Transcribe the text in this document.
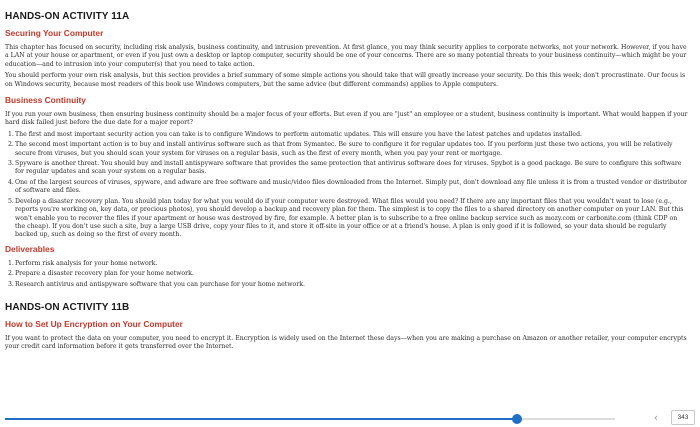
HANDS-ON ACTIVITY 11A
Securing Your Computer

This chapter has focused on security, including risk analysis, business continuity, and intrusion prevention. At first glance, you may think security applies to corporate networks, not your network. However, if you have a LAN at your house or apartment, or even if you just own a desktop or laptop computer, security should be one of your concerns. There are so many potential threats to your business continuity—which might be your education—and to intrusion into your computer(s) that you need to take action.

You should perform your own risk analysis, but this section provides a brief summary of some simple actions you should take that will greatly increase your security. Do this this week; don't procrastinate. Our focus is on Windows security, because most readers of this book use Windows computers, but the same advice (but different commands) applies to Apple computers.

Business Continuity

If you run your own business, then ensuring business continuity should be a major focus of your efforts. But even if you are "just" an employee or a student, business continuity is important. What would happen if your hard disk failed just before the due date for a major report?

1. The first and most important security action you can take is to configure Windows to perform automatic updates. This will ensure you have the latest patches and updates installed.
2. The second most important action is to buy and install antivirus software such as that from Symantec. Be sure to configure it for regular updates too. If you perform just these two actions, you will be relatively secure from viruses, but you should scan your system for viruses on a regular basis, such as the first of every month, when you pay your rent or mortgage.
3. Spyware is another threat. You should buy and install antispyware software that provides the same protection that antivirus software does for viruses. Spybot is a good package. Be sure to configure this software for regular updates and scan your system on a regular basis.
4. One of the largest sources of viruses, spyware, and adware are free software and music/video files downloaded from the Internet. Simply put, don't download any file unless it is from a trusted vendor or distributor of software and files.
5. Develop a disaster recovery plan. You should plan today for what you would do if your computer were destroyed. What files would you need? If there are any important files that you wouldn't want to lose (e.g., reports you're working on, key data, or precious photos), you should develop a backup and recovery plan for them. The simplest is to copy the files to a shared directory on another computer on your LAN. But this won't enable you to recover the files if your apartment or house was destroyed by fire, for example. A better plan is to subscribe to a free online backup service such as mozy.com or carbonite.com (think CDP on the cheap). If you don't use such a site, buy a large USB drive, copy your files to it, and store it off-site in your office or at a friend's house. A plan is only good if it is followed, so your data should be regularly backed up, such as doing so the first of every month.
Deliverables
1. Perform risk analysis for your home network.
2. Prepare a disaster recovery plan for your home network.
3. Research antivirus and antispyware software that you can purchase for your home network.
HANDS-ON ACTIVITY 11B
How to Set Up Encryption on Your Computer

If you want to protect the data on your computer, you need to encrypt it. Encryption is widely used on the Internet these days—when you are making a purchase on Amazon or another retailer, your computer encrypts your credit card information before it gets transferred over the Internet.

‹	343
